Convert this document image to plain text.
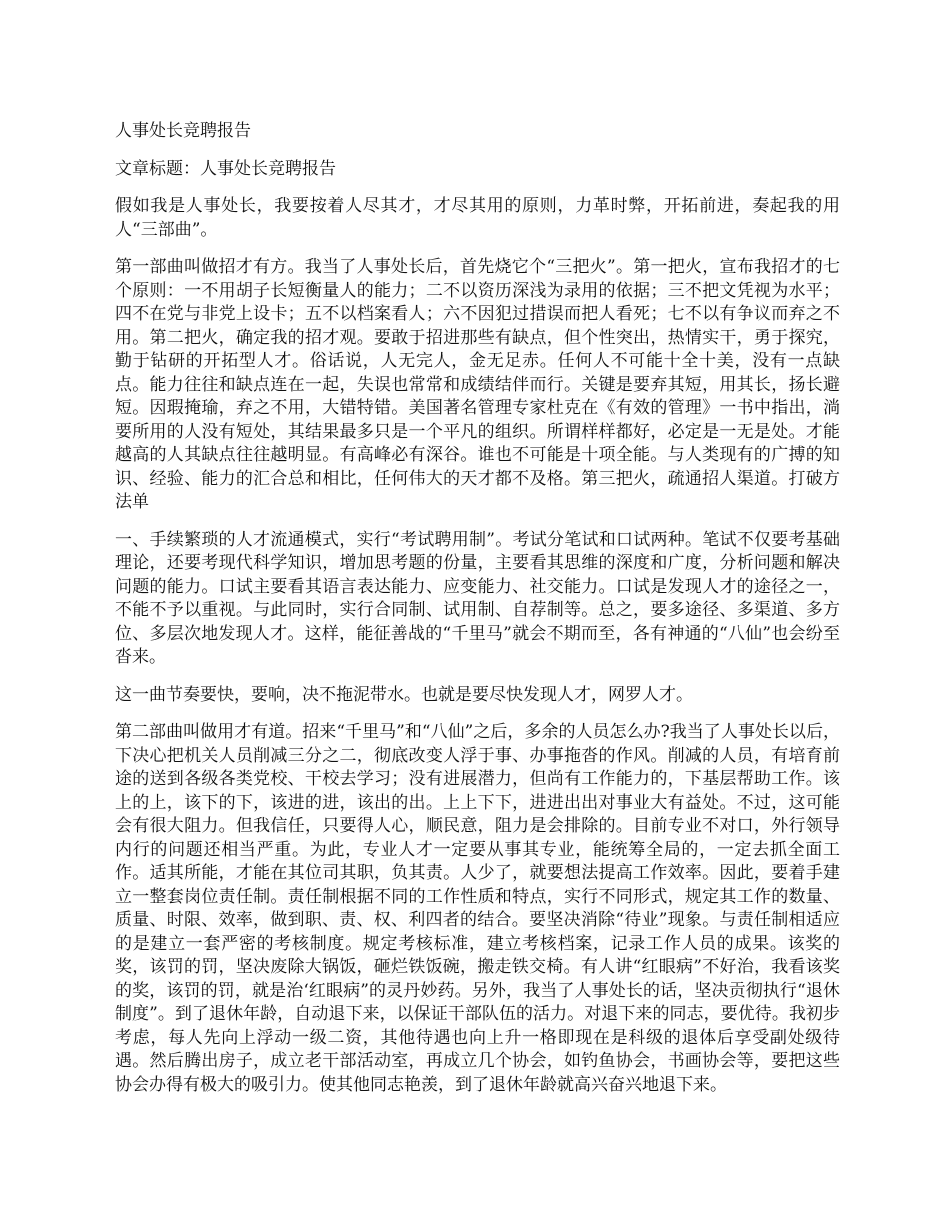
人事处长竞聘报告

文章标题：人事处长竞聘报告

假如我是人事处长，我要按着人尽其才，才尽其用的原则，力革时弊，开拓前进，奏起我的用人“三部曲”。

第一部曲叫做招才有方。我当了人事处长后，首先烧它个“三把火”。第一把火，宣布我招才的七个原则：一不用胡子长短衡量人的能力；二不以资历深浅为录用的依据；三不把文凭视为水平；四不在党与非党上设卡；五不以档案看人；六不因犯过措误而把人看死；七不以有争议而弃之不用。第二把火，确定我的招才观。要敢于招进那些有缺点，但个性突出，热情实干，勇于探究，勤于钻研的开拓型人才。俗话说，人无完人，金无足赤。任何人不可能十全十美，没有一点缺点。能力往往和缺点连在一起，失误也常常和成绩结伴而行。关键是要弃其短，用其长，扬长避短。因瑕掩瑜，弃之不用，大错特错。美国著名管理专家杜克在《有效的管理》一书中指出，淌要所用的人没有短处，其结果最多只是一个平凡的组织。所谓样样都好，必定是一无是处。才能越高的人其缺点往往越明显。有高峰必有深谷。谁也不可能是十项全能。与人类现有的广搏的知识、经验、能力的汇合总和相比，任何伟大的天才都不及格。第三把火，疏通招人渠道。打破方法单

一、手续繁琐的人才流通模式，实行“考试聘用制”。考试分笔试和口试两种。笔试不仅要考基础理论，还要考现代科学知识，增加思考题的份量，主要看其思维的深度和广度，分析问题和解决问题的能力。口试主要看其语言表达能力、应变能力、社交能力。口试是发现人才的途径之一，不能不予以重视。与此同时，实行合同制、试用制、自荐制等。总之，要多途径、多渠道、多方位、多层次地发现人才。这样，能征善战的“千里马”就会不期而至，各有神通的“八仙”也会纷至沓来。

这一曲节奏要快，要响，决不拖泥带水。也就是要尽快发现人才，网罗人才。

第二部曲叫做用才有道。招来“千里马”和“八仙”之后，多余的人员怎么办?我当了人事处长以后，下决心把机关人员削减三分之二，彻底改变人浮于事、办事拖沓的作风。削减的人员，有培育前途的送到各级各类党校、干校去学习；没有进展潜力，但尚有工作能力的，下基层帮助工作。该上的上，该下的下，该进的进，该出的出。上上下下，进进出出对事业大有益处。不过，这可能会有很大阻力。但我信任，只要得人心，顺民意，阻力是会排除的。目前专业不对口，外行领导内行的问题还相当严重。为此，专业人才一定要从事其专业，能统筹全局的，一定去抓全面工作。适其所能，才能在其位司其职，负其责。人少了，就要想法提高工作效率。因此，要着手建立一整套岗位责任制。责任制根据不同的工作性质和特点，实行不同形式，规定其工作的数量、质量、时限、效率，做到职、责、权、利四者的结合。要坚决消除“待业”现象。与责任制相适应的是建立一套严密的考核制度。规定考核标准，建立考核档案，记录工作人员的成果。该奖的奖，该罚的罚，坚决废除大锅饭，砸烂铁饭碗，搬走铁交椅。有人讲“红眼病”不好治，我看该奖的奖，该罚的罚，就是治‘红眼病”的灵丹妙药。另外，我当了人事处长的话，坚决贡彻执行“退休制度”。到了退休年龄，自动退下来，以保证干部队伍的活力。对退下来的同志，要优待。我初步考虑，每人先向上浮动一级二资，其他待遇也向上升一格即现在是科级的退体后享受副处级待遇。然后腾出房子，成立老干部活动室，再成立几个协会，如钓鱼协会，书画协会等，要把这些协会办得有极大的吸引力。使其他同志艳羡，到了退休年龄就高兴奋兴地退下来。
